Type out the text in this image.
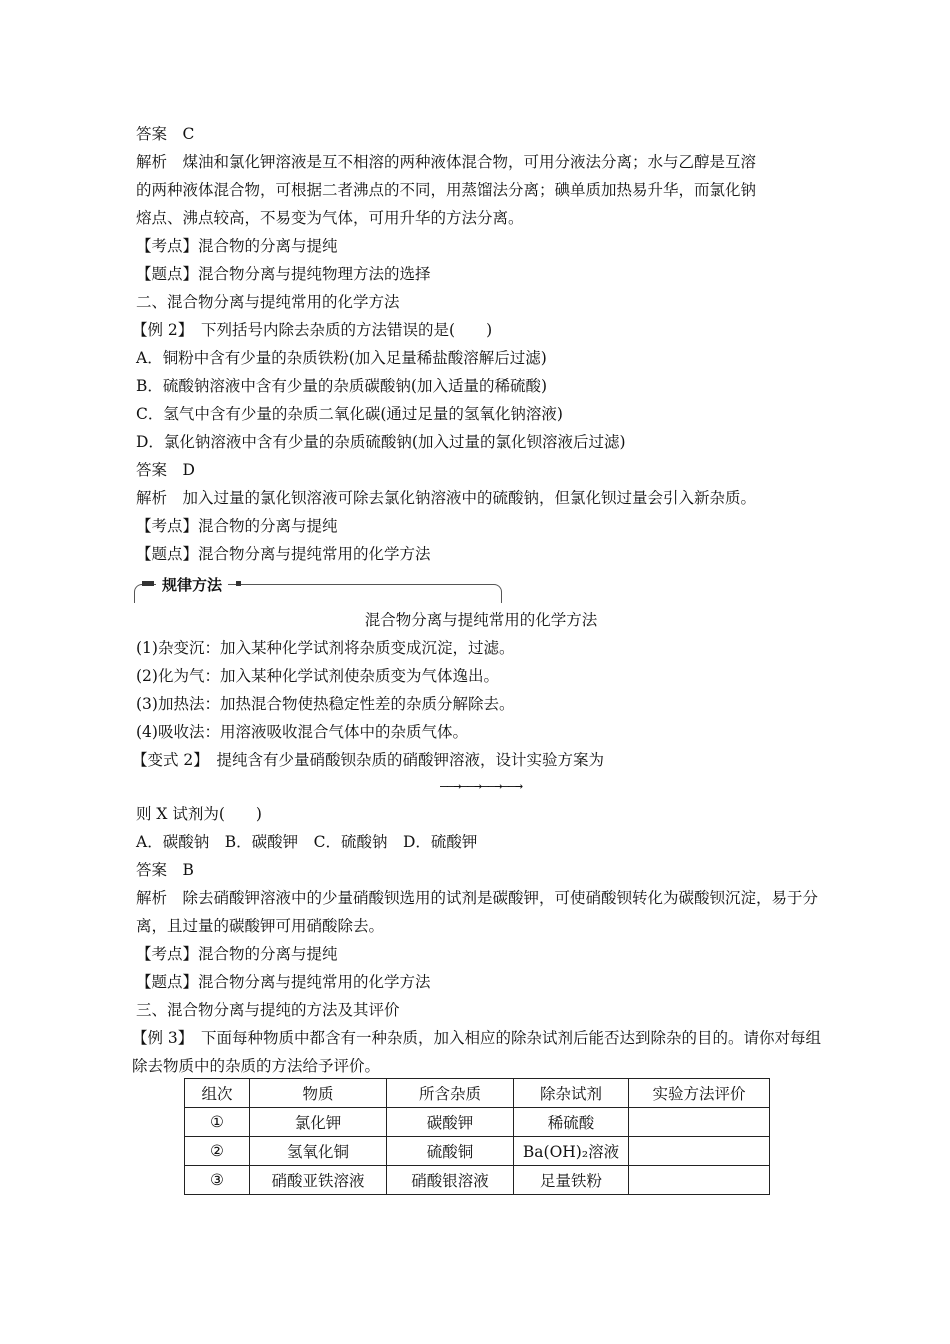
答案　C
解析　煤油和氯化钾溶液是互不相溶的两种液体混合物，可用分液法分离；水与乙醇是互溶
的两种液体混合物，可根据二者沸点的不同，用蒸馏法分离；碘单质加热易升华，而氯化钠
熔点、沸点较高，不易变为气体，可用升华的方法分离。
【考点】混合物的分离与提纯
【题点】混合物分离与提纯物理方法的选择
二、混合物分离与提纯常用的化学方法
【例 2】　下列括号内除去杂质的方法错误的是(　　)
A．铜粉中含有少量的杂质铁粉(加入足量稀盐酸溶解后过滤)
B．硫酸钠溶液中含有少量的杂质碳酸钠(加入适量的稀硫酸)
C．氢气中含有少量的杂质二氧化碳(通过足量的氢氧化钠溶液)
D．氯化钠溶液中含有少量的杂质硫酸钠(加入过量的氯化钡溶液后过滤)
答案　D
解析　加入过量的氯化钡溶液可除去氯化钠溶液中的硫酸钠，但氯化钡过量会引入新杂质。
【考点】混合物的分离与提纯
【题点】混合物分离与提纯常用的化学方法
规律方法
混合物分离与提纯常用的化学方法
(1)杂变沉：加入某种化学试剂将杂质变成沉淀，过滤。
(2)化为气：加入某种化学试剂使杂质变为气体逸出。
(3)加热法：加热混合物使热稳定性差的杂质分解除去。
(4)吸收法：用溶液吸收混合气体中的杂质气体。
【变式 2】　提纯含有少量硝酸钡杂质的硝酸钾溶液，设计实验方案为
——→——→——→——→
则 X 试剂为(　　)
A．碳酸钠　B．碳酸钾　C．硫酸钠　D．硫酸钾
答案　B
解析　除去硝酸钾溶液中的少量硝酸钡选用的试剂是碳酸钾，可使硝酸钡转化为碳酸钡沉淀，易于分离，且过量的碳酸钾可用硝酸除去。
【考点】混合物的分离与提纯
【题点】混合物分离与提纯常用的化学方法
三、混合物分离与提纯的方法及其评价
【例 3】　下面每种物质中都含有一种杂质，加入相应的除杂试剂后能否达到除杂的目的。请你对每组除去物质中的杂质的方法给予评价。
组次	物质	所含杂质	除杂试剂	实验方法评价
①	氯化钾	碳酸钾	稀硫酸	
②	氢氧化铜	硫酸铜	Ba(OH)₂溶液	
③	硝酸亚铁溶液	硝酸银溶液	足量铁粉	
